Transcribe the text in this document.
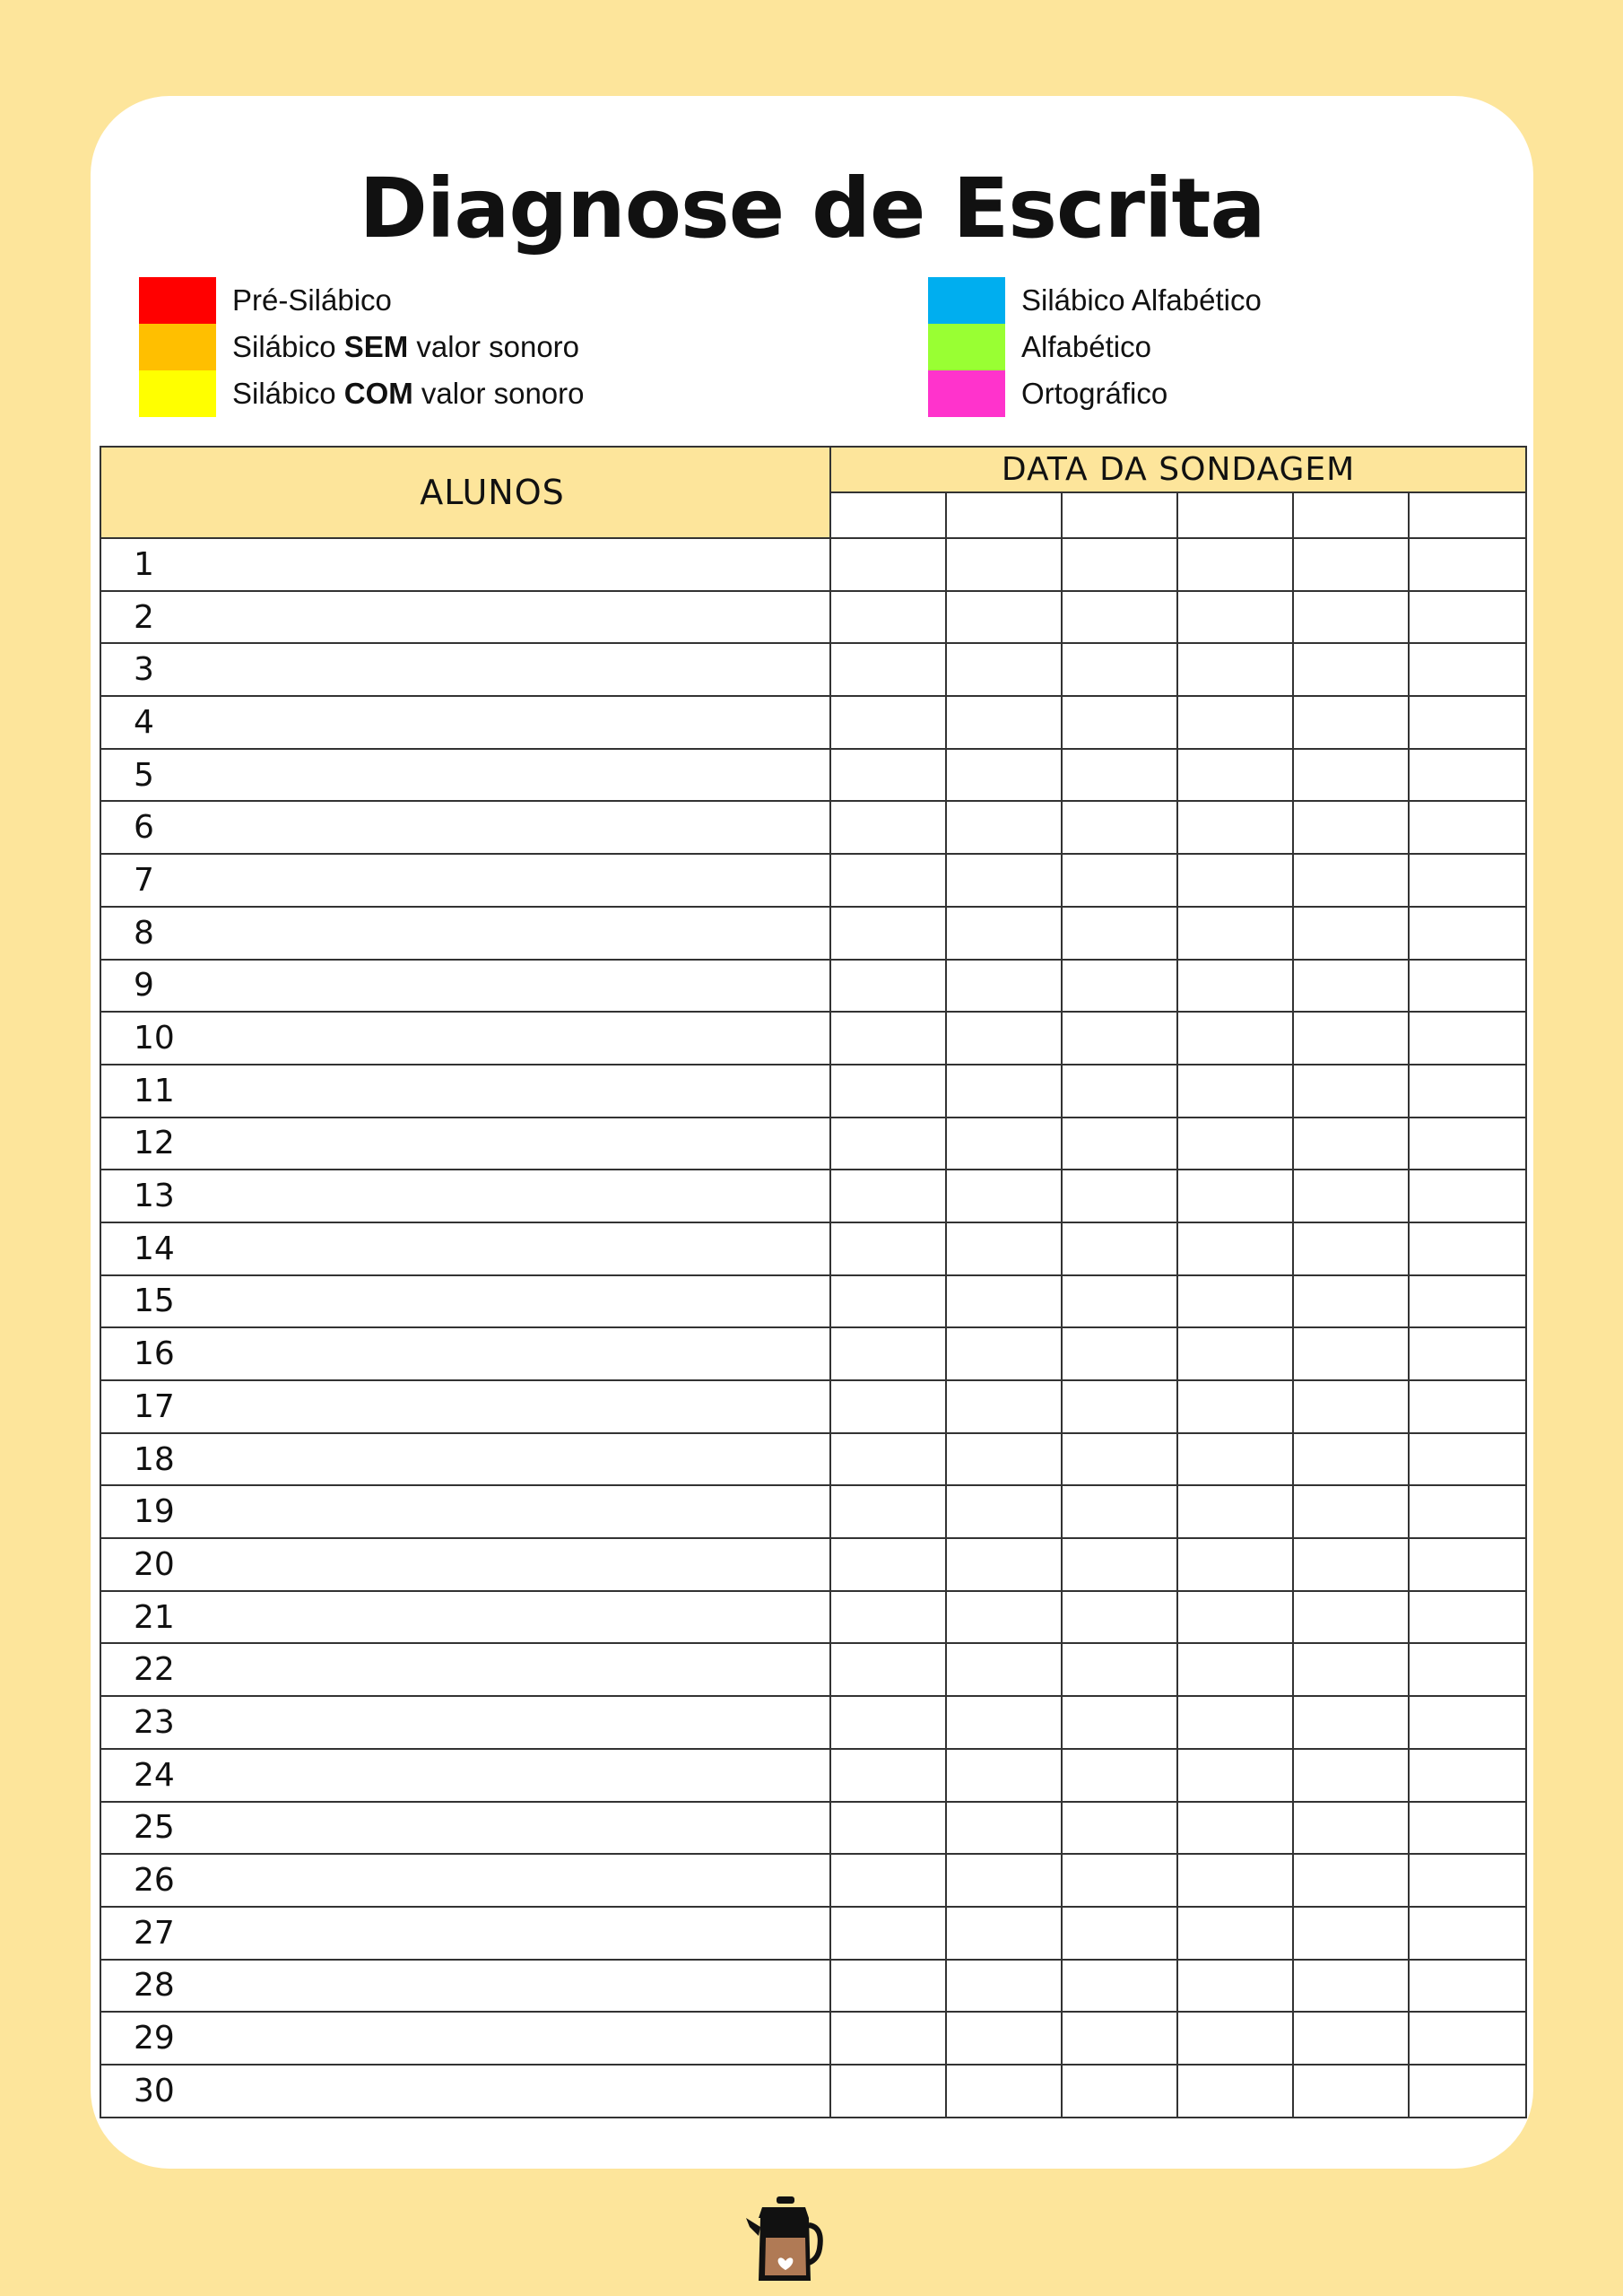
Diagnose de Escrita
Pré-Silábico
Silábico SEM valor sonoro
Silábico COM valor sonoro
Silábico Alfabético
Alfabético
Ortográfico
ALUNOS	DATA DA SONDAGEM					

1						
2						
3						
4						
5						
6						
7						
8						
9						
10						
11						
12						
13						
14						
15						
16						
17						
18						
19						
20						
21						
22						
23						
24						
25						
26						
27						
28						
29						
30						
